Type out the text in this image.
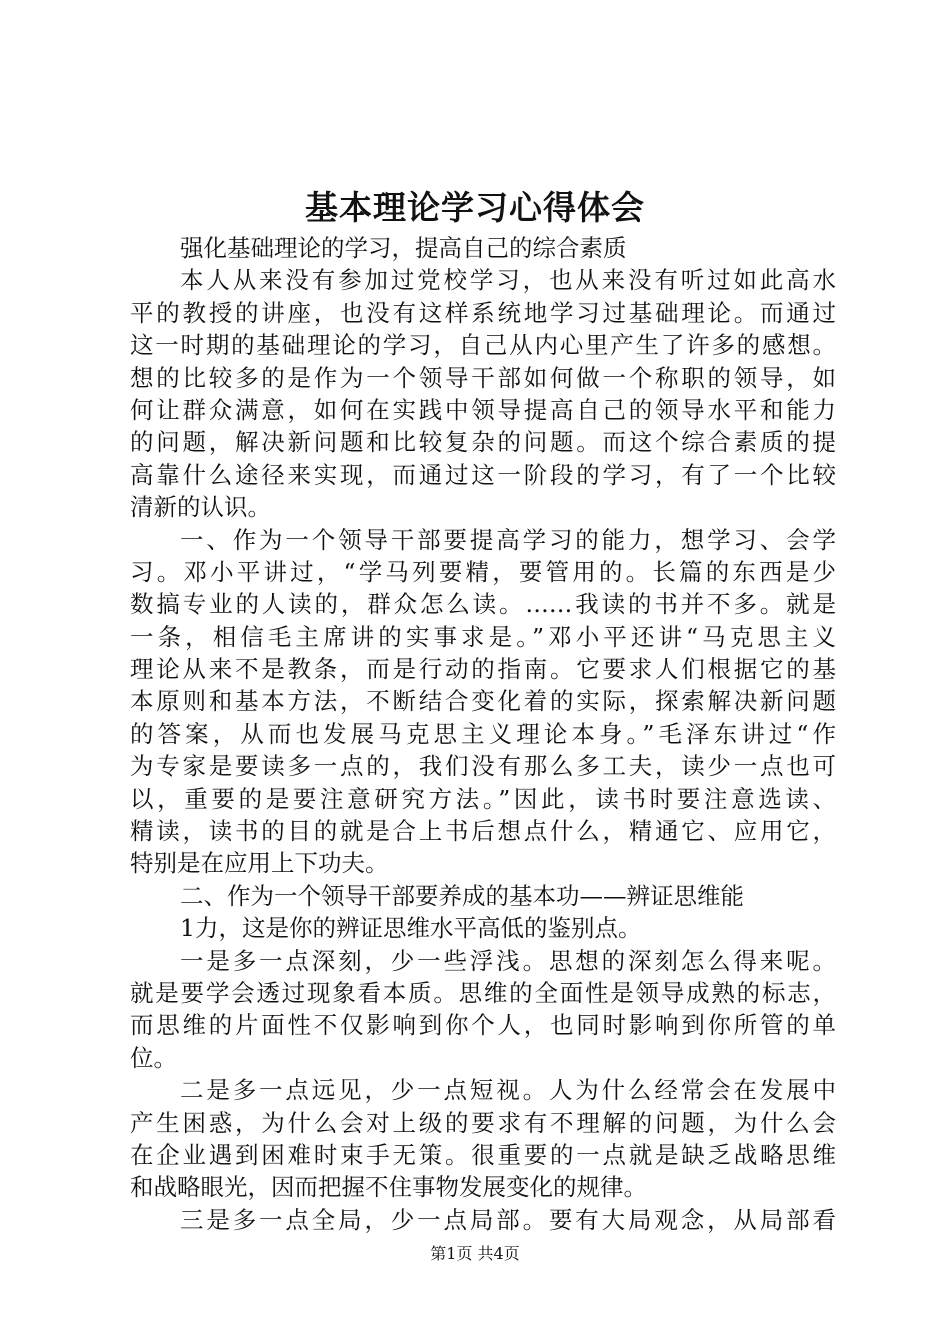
基本理论学习心得体会
强化基础理论的学习，提高自己的综合素质
本人从来没有参加过党校学习，也从来没有听过如此高水
平的教授的讲座，也没有这样系统地学习过基础理论。而通过
这一时期的基础理论的学习，自己从内心里产生了许多的感想。
想的比较多的是作为一个领导干部如何做一个称职的领导，如
何让群众满意，如何在实践中领导提高自己的领导水平和能力
的问题，解决新问题和比较复杂的问题。而这个综合素质的提
高靠什么途径来实现，而通过这一阶段的学习，有了一个比较
清新的认识。
一、作为一个领导干部要提高学习的能力，想学习、会学
习。邓小平讲过，“学马列要精，要管用的。长篇的东西是少
数搞专业的人读的，群众怎么读。……我读的书并不多。就是
一条，相信毛主席讲的实事求是。”邓小平还讲“马克思主义
理论从来不是教条，而是行动的指南。它要求人们根据它的基
本原则和基本方法，不断结合变化着的实际，探索解决新问题
的答案，从而也发展马克思主义理论本身。”毛泽东讲过“作
为专家是要读多一点的，我们没有那么多工夫，读少一点也可
以，重要的是要注意研究方法。”因此，读书时要注意选读、
精读，读书的目的就是合上书后想点什么，精通它、应用它，
特别是在应用上下功夫。
二、作为一个领导干部要养成的基本功——辨证思维能
1力，这是你的辨证思维水平高低的鉴别点。
一是多一点深刻，少一些浮浅。思想的深刻怎么得来呢。
就是要学会透过现象看本质。思维的全面性是领导成熟的标志，
而思维的片面性不仅影响到你个人，也同时影响到你所管的单
位。
二是多一点远见，少一点短视。人为什么经常会在发展中
产生困惑，为什么会对上级的要求有不理解的问题，为什么会
在企业遇到困难时束手无策。很重要的一点就是缺乏战略思维
和战略眼光，因而把握不住事物发展变化的规律。
三是多一点全局，少一点局部。要有大局观念，从局部看
第1页 共4页
